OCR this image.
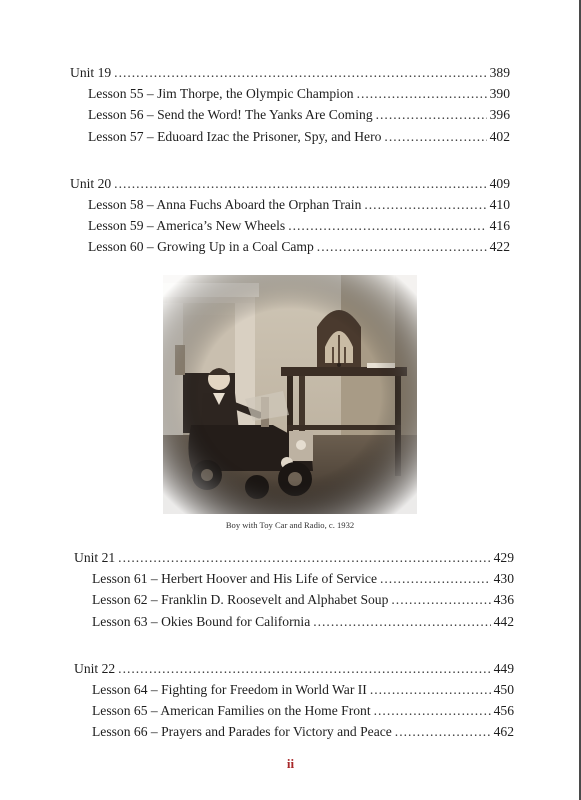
Unit 19 . . .	389
Lesson 55 – Jim Thorpe, the Olympic Champion . . .	390
Lesson 56 – Send the Word! The Yanks Are Coming . . .	396
Lesson 57 – Eduoard Izac the Prisoner, Spy, and Hero . . .	402
Unit 20 . . .	409
Lesson 58 – Anna Fuchs Aboard the Orphan Train . . .	410
Lesson 59 – America’s New Wheels . . .	416
Lesson 60 – Growing Up in a Coal Camp . . .	422
Boy with Toy Car and Radio, c. 1932
Unit 21 . . .	429
Lesson 61 – Herbert Hoover and His Life of Service . . .	430
Lesson 62 – Franklin D. Roosevelt and Alphabet Soup . . .	436
Lesson 63 – Okies Bound for California . . .	442
Unit 22 . . .	449
Lesson 64 – Fighting for Freedom in World War II . . .	450
Lesson 65 – American Families on the Home Front . . .	456
Lesson 66 – Prayers and Parades for Victory and Peace . . .	462
ii
